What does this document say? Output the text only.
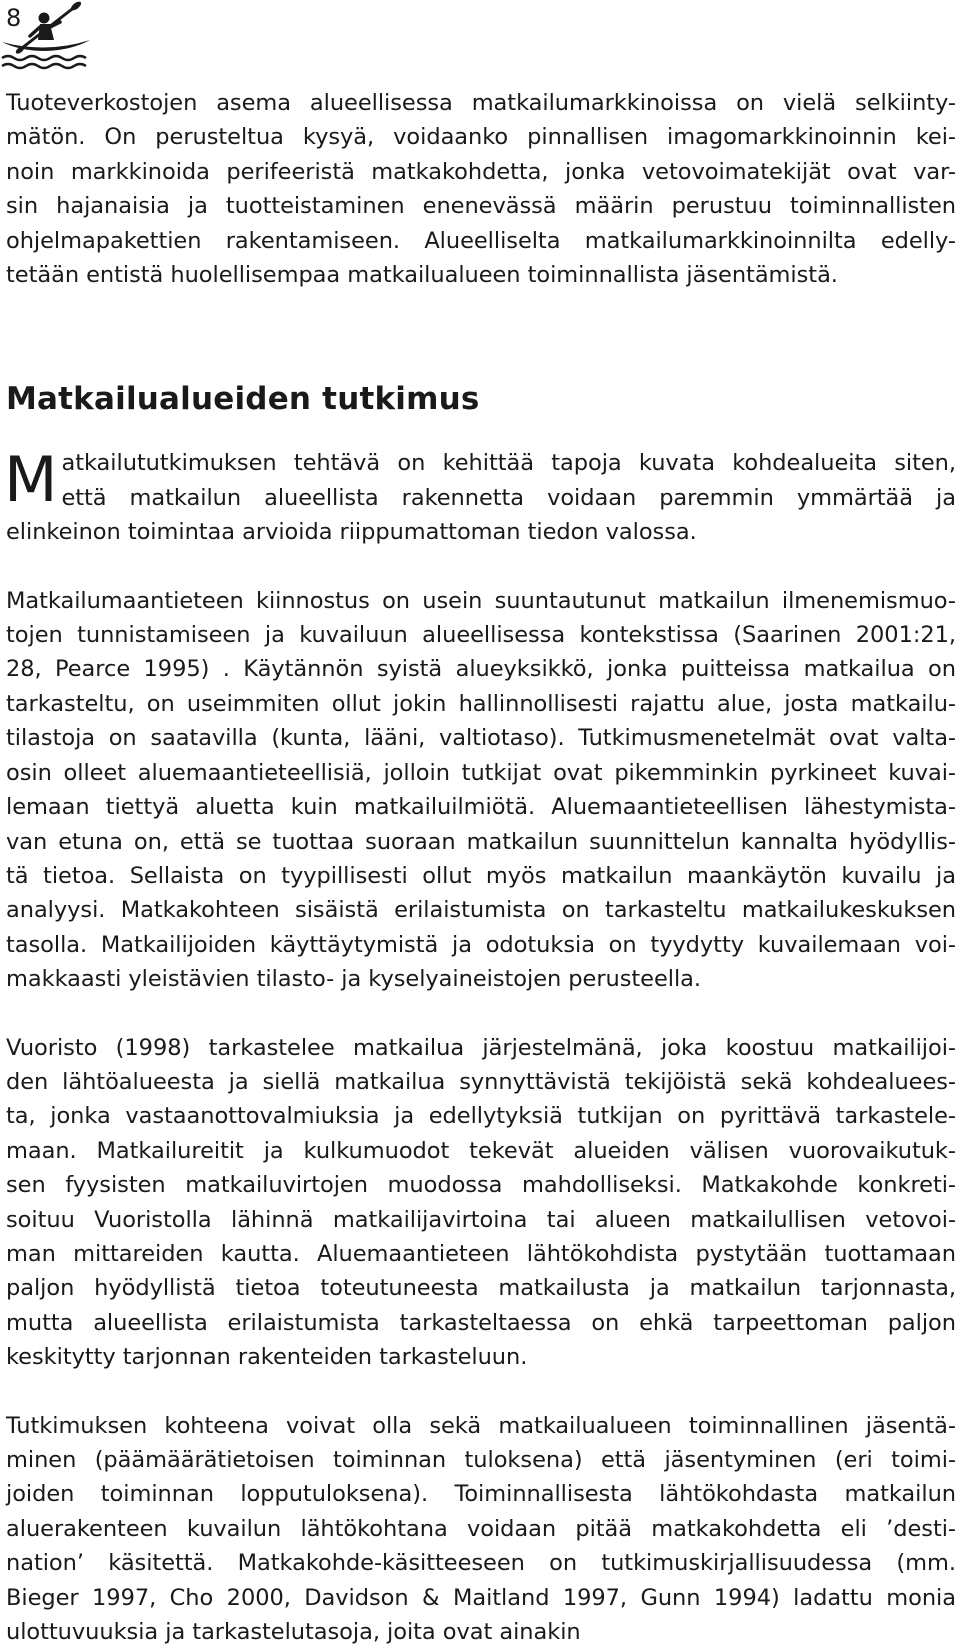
8

Tuoteverkostojen asema alueellisessa matkailumarkkinoissa on vielä selkiinty-
mätön. On perusteltua kysyä, voidaanko pinnallisen imagomarkkinoinnin kei-
noin markkinoida perifeeristä matkakohdetta, jonka vetovoimatekijät ovat var-
sin hajanaisia ja tuotteistaminen enenevässä määrin perustuu toiminnallisten
ohjelmapakettien rakentamiseen. Alueelliselta matkailumarkkinoinnilta edelly-
tetään entistä huolellisempaa matkailualueen toiminnallista jäsentämistä.

Matkailualueiden tutkimus
M atkailututkimuksen tehtävä on kehittää tapoja kuvata kohdealueita siten,
että matkailun alueellista rakennetta voidaan paremmin ymmärtää ja
elinkeinon toimintaa arvioida riippumattoman tiedon valossa.

Matkailumaantieteen kiinnostus on usein suuntautunut matkailun ilmenemismuo-
tojen tunnistamiseen ja kuvailuun alueellisessa kontekstissa (Saarinen 2001:21,
28, Pearce 1995) . Käytännön syistä alueyksikkö, jonka puitteissa matkailua on
tarkasteltu, on useimmiten ollut jokin hallinnollisesti rajattu alue, josta matkailu-
tilastoja on saatavilla (kunta, lääni, valtiotaso). Tutkimusmenetelmät ovat valta-
osin olleet aluemaantieteellisiä, jolloin tutkijat ovat pikemminkin pyrkineet kuvai-
lemaan tiettyä aluetta kuin matkailuilmiötä. Aluemaantieteellisen lähestymista-
van etuna on, että se tuottaa suoraan matkailun suunnittelun kannalta hyödyllis-
tä tietoa. Sellaista on tyypillisesti ollut myös matkailun maankäytön kuvailu ja
analyysi. Matkakohteen sisäistä erilaistumista on tarkasteltu matkailukeskuksen
tasolla. Matkailijoiden käyttäytymistä ja odotuksia on tyydytty kuvailemaan voi-
makkaasti yleistävien tilasto- ja kyselyaineistojen perusteella.

Vuoristo (1998) tarkastelee matkailua järjestelmänä, joka koostuu matkailijoi-
den lähtöalueesta ja siellä matkailua synnyttävistä tekijöistä sekä kohdealuees-
ta, jonka vastaanottovalmiuksia ja edellytyksiä tutkijan on pyrittävä tarkastele-
maan. Matkailureitit ja kulkumuodot tekevät alueiden välisen vuorovaikutuk-
sen fyysisten matkailuvirtojen muodossa mahdolliseksi. Matkakohde konkreti-
soituu Vuoristolla lähinnä matkailijavirtoina tai alueen matkailullisen vetovoi-
man mittareiden kautta. Aluemaantieteen lähtökohdista pystytään tuottamaan
paljon hyödyllistä tietoa toteutuneesta matkailusta ja matkailun tarjonnasta,
mutta alueellista erilaistumista tarkasteltaessa on ehkä tarpeettoman paljon
keskitytty tarjonnan rakenteiden tarkasteluun.

Tutkimuksen kohteena voivat olla sekä matkailualueen toiminnallinen jäsentä-
minen (päämäärätietoisen toiminnan tuloksena) että jäsentyminen (eri toimi-
joiden toiminnan lopputuloksena). Toiminnallisesta lähtökohdasta matkailun
aluerakenteen kuvailun lähtökohtana voidaan pitää matkakohdetta eli ’desti-
nation’ käsitettä. Matkakohde-käsitteeseen on tutkimuskirjallisuudessa (mm.
Bieger 1997, Cho 2000, Davidson & Maitland 1997, Gunn 1994) ladattu monia
ulottuvuuksia ja tarkastelutasoja, joita ovat ainakin
